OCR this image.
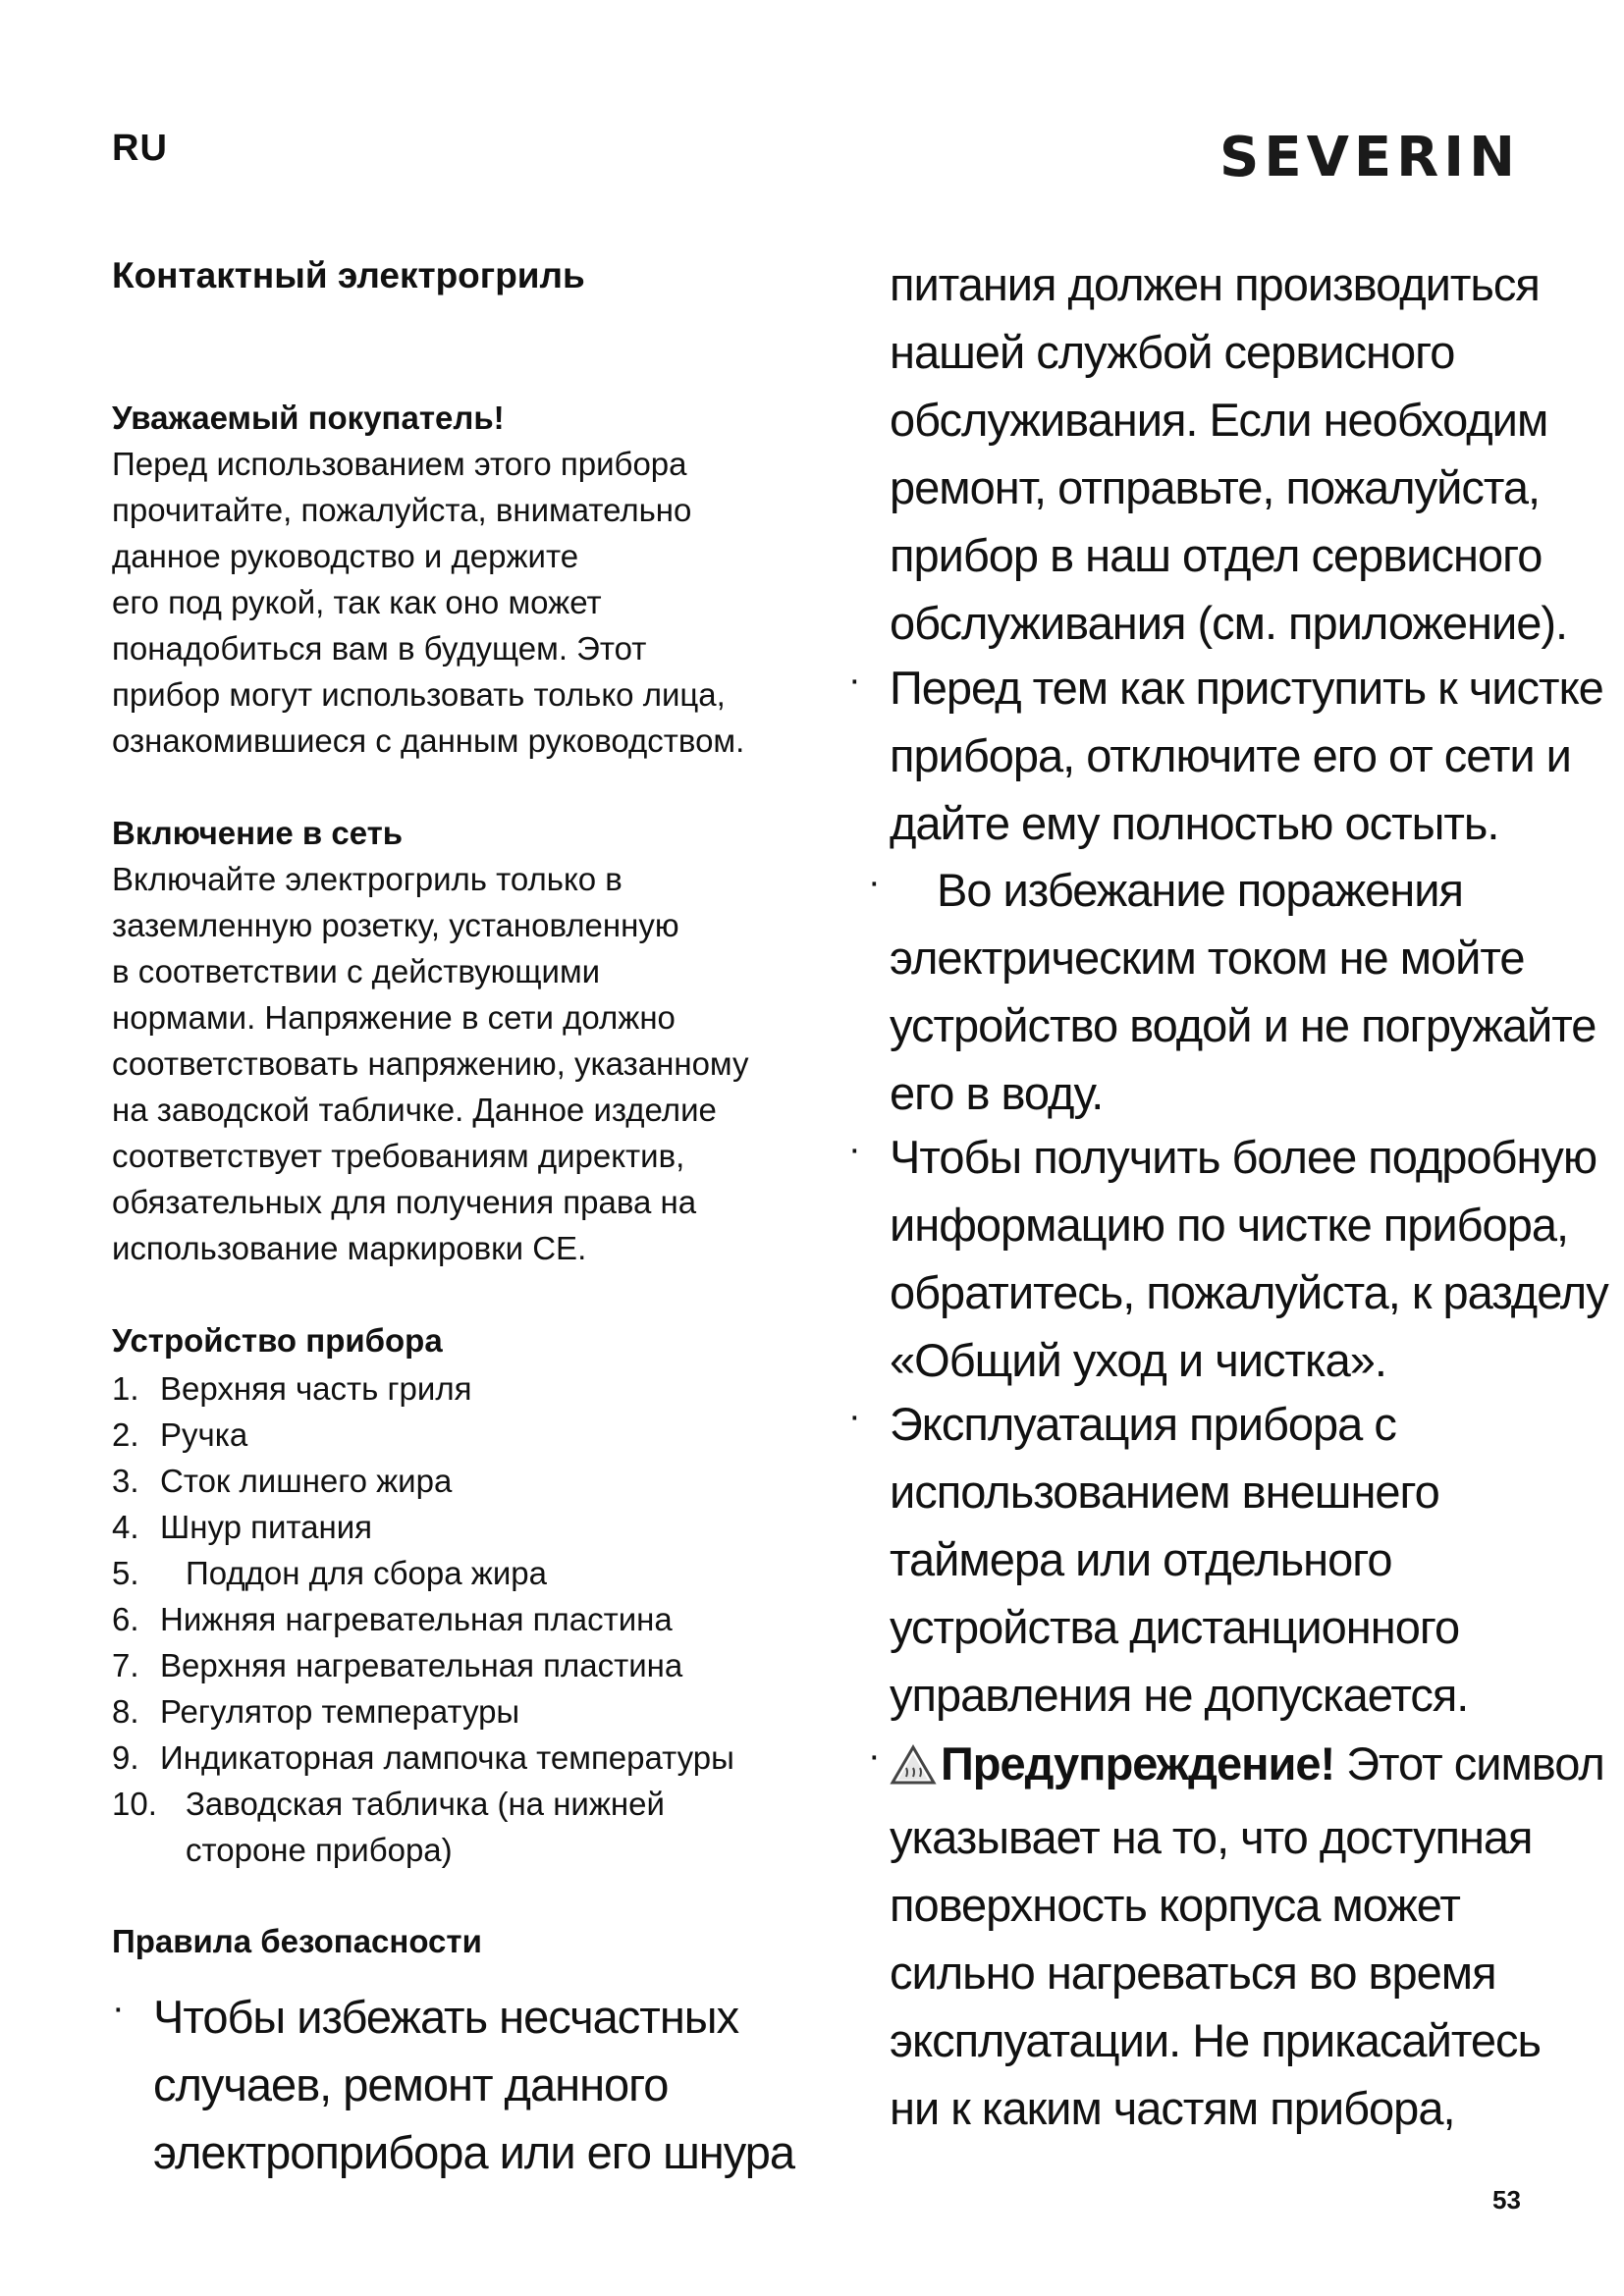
RU	SEVERIN
Контактный электрогриль

Уважаемый покупатель!

Перед использованием этого прибора

прочитайте, пожалуйста, внимательно

данное руководство и держите

его под рукой, так как оно может

понадобиться вам в будущем. Этот

прибор могут использовать только лица,

ознакомившиеся с данным руководством.

Включение в сеть

Включайте электрогриль только в

заземленную розетку, установленную

в соответствии с действующими

нормами. Напряжение в сети должно

соответствовать напряжению, указанному

на заводской табличке. Данное изделие

соответствует требованиям директив,

обязательных для получения права на

использование маркировки CE.

Устройство прибора

1. Верхняя часть гриля
2. Ручка
3. Сток лишнего жира
4. Шнур питания
5.	Поддон для сбора жира
6. Нижняя нагревательная пластина
7. Верхняя нагревательная пластина
8. Регулятор температуры
9. Индикаторная лампочка температуры
10. Заводская табличка (на нижней
стороне прибора)

Правила безопасности

· Чтобы избежать несчастных
случаев, ремонт данного
электроприбора или его шнура
питания должен производиться
нашей службой сервисного
обслуживания. Если необходим
ремонт, отправьте, пожалуйста,
прибор в наш отдел сервисного
обслуживания (см. приложение).
· Перед тем как приступить к чистке
прибора, отключите его от сети и
дайте ему полностью остыть.
·	Во избежание поражения
электрическим током не мойте
устройство водой и не погружайте
его в воду.
· Чтобы получить более подробную
информацию по чистке прибора,
обратитесь, пожалуйста, к разделу
«Общий уход и чистка».
· Эксплуатация прибора с
использованием внешнего
таймера или отдельного
устройства дистанционного
управления не допускается.
·	Предупреждение! Этот символ
указывает на то, что доступная
поверхность корпуса может
сильно нагреваться во время
эксплуатации. Не прикасайтесь
ни к каким частям прибора,
53
